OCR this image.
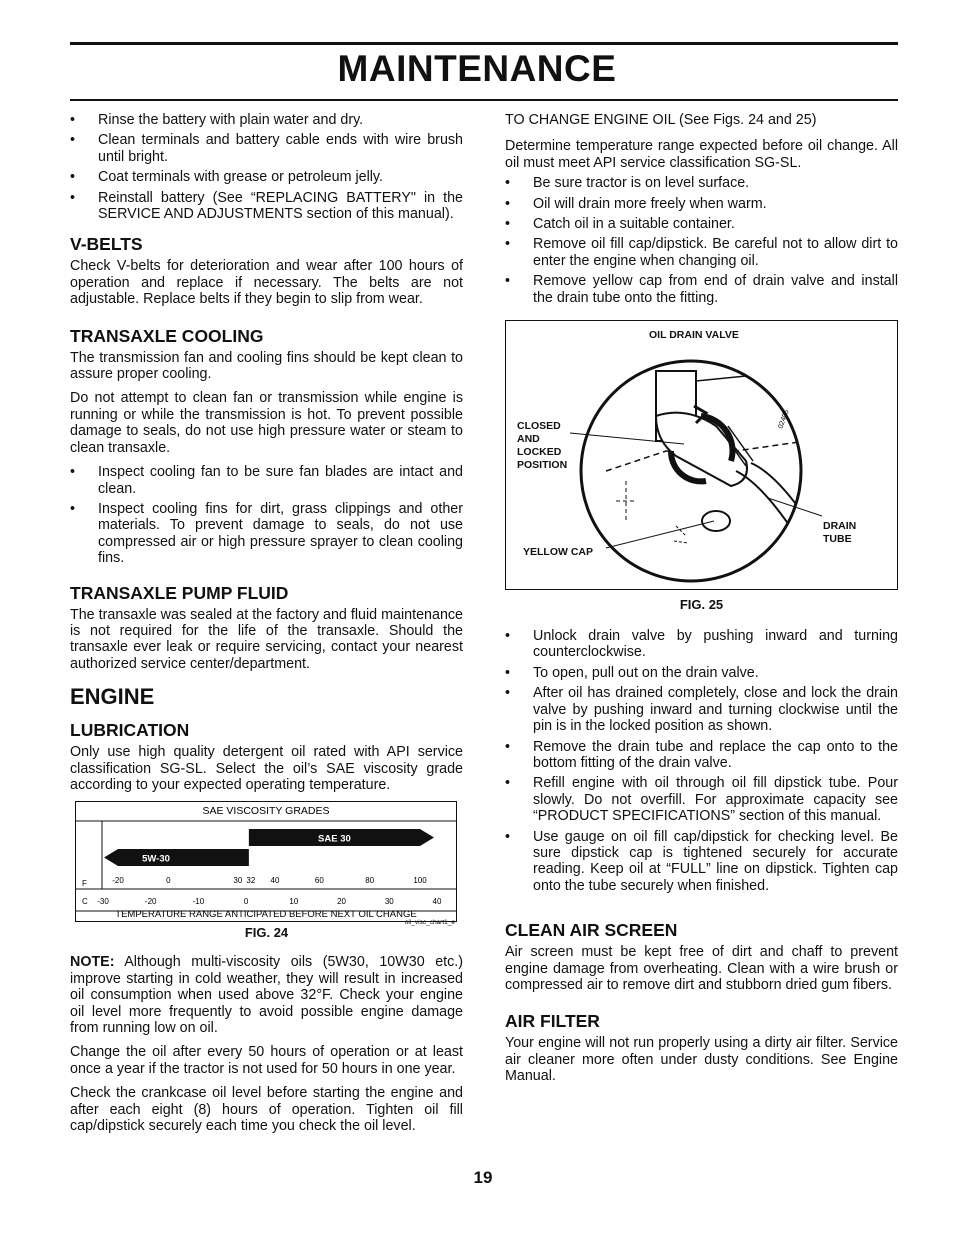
MAINTENANCE
• Rinse the battery with plain water and dry.
• Clean terminals and battery cable ends with wire brush until bright.
• Coat terminals with grease or petroleum jelly.
• Reinstall battery (See “REPLACING BATTERY" in the SERVICE AND ADJUSTMENTS section of this manual).
V-BELTS

Check V-belts for deterioration and wear after 100 hours of operation and replace if necessary. The belts are not adjustable. Replace belts if they begin to slip from wear.

TRANSAXLE COOLING

The transmission fan and cooling fins should be kept clean to assure proper cooling.

Do not attempt to clean fan or transmission while engine is running or while the transmission is hot. To prevent possible damage to seals, do not use high pressure water or steam to clean transaxle.

• Inspect cooling fan to be sure fan blades are intact and clean.
• Inspect cooling fins for dirt, grass clippings and other materials. To prevent damage to seals, do not use compressed air or high pressure sprayer to clean cooling fins.
TRANSAXLE PUMP FLUID

The transaxle was sealed at the factory and fluid maintenance is not required for the life of the transaxle. Should the transaxle ever leak or require servicing, contact your nearest authorized service center/department.

ENGINE
LUBRICATION

Only use high quality detergent oil rated with API service classification SG-SL. Select the oil’s SAE viscosity grade according to your expected operating temperature.

SAE VISCOSITY GRADES
SAE 30
5W-30
F
C
-20	0	30 32 40	60	80	100
-30	-20	-10	0	10	20	30	40
TEMPERATURE RANGE ANTICIPATED BEFORE NEXT OIL CHANGE
oil_visc_chart1_e
FIG. 24

NOTE: Although multi-viscosity oils (5W30, 10W30 etc.) improve starting in cold weather, they will result in increased oil consumption when used above 32°F. Check your engine oil level more frequently to avoid possible engine damage from running low on oil.

Change the oil after every 50 hours of operation or at least once a year if the tractor is not used for 50 hours in one year.

Check the crankcase oil level before starting the engine and after each eight (8) hours of operation. Tighten oil fill cap/dipstick securely each time you check the oil level.

TO CHANGE ENGINE OIL (See Figs. 24 and 25)

Determine temperature range expected before oil change. All oil must meet API service classification SG-SL.

• Be sure tractor is on level surface.
• Oil will drain more freely when warm.
• Catch oil in a suitable container.
• Remove oil fill cap/dipstick. Be careful not to allow dirt to enter the engine when changing oil.
• Remove yellow cap from end of drain valve and install the drain tube onto the fitting.
02405
OIL DRAIN VALVE
CLOSED
AND
LOCKED
POSITION
YELLOW CAP
DRAIN
TUBE
FIG. 25
• Unlock drain valve by pushing inward and turning counterclockwise.
• To open, pull out on the drain valve.
• After oil has drained completely, close and lock the drain valve by pushing inward and turning clockwise until the pin is in the locked position as shown.
• Remove the drain tube and replace the cap onto to the bottom fitting of the drain valve.
• Refill engine with oil through oil fill dipstick tube. Pour slowly. Do not overfill. For approximate capacity see “PRODUCT SPECIFICATIONS” section of this manual.
• Use gauge on oil fill cap/dipstick for checking level. Be sure dipstick cap is tightened securely for accurate reading. Keep oil at “FULL” line on dipstick. Tighten cap onto the tube securely when finished.
CLEAN AIR SCREEN

Air screen must be kept free of dirt and chaff to prevent engine damage from overheating. Clean with a wire brush or compressed air to remove dirt and stubborn dried gum fibers.

AIR FILTER

Your engine will not run properly using a dirty air filter. Service air cleaner more often under dusty conditions. See Engine Manual.

19
